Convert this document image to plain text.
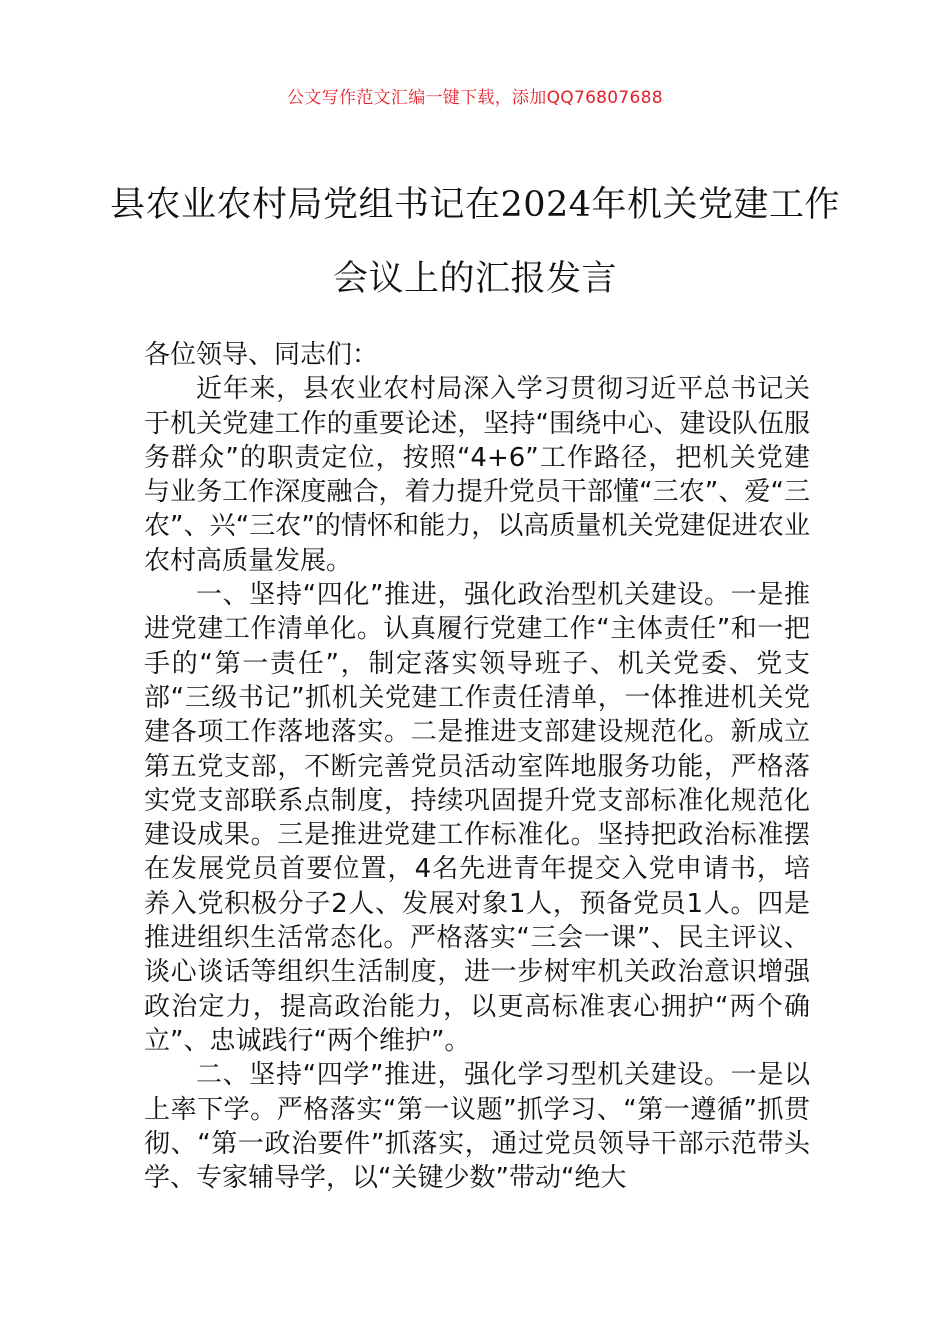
公文写作范文汇编一键下载，添加QQ76807688
县农业农村局党组书记在2024年机关党建工作会议上的汇报发言

各位领导、同志们：

近年来，县农业农村局深入学习贯彻习近平总书记关于机关党建工作的重要论述，坚持“围绕中心、建设队伍服务群众”的职责定位，按照“4+6”工作路径，把机关党建与业务工作深度融合，着力提升党员干部懂“三农”、爱“三农”、兴“三农”的情怀和能力，以高质量机关党建促进农业农村高质量发展。

一、坚持“四化”推进，强化政治型机关建设。一是推进党建工作清单化。认真履行党建工作“主体责任”和一把手的“第一责任”，制定落实领导班子、机关党委、党支部“三级书记”抓机关党建工作责任清单，一体推进机关党建各项工作落地落实。二是推进支部建设规范化。新成立第五党支部，不断完善党员活动室阵地服务功能，严格落实党支部联系点制度，持续巩固提升党支部标准化规范化建设成果。三是推进党建工作标准化。坚持把政治标准摆在发展党员首要位置，4名先进青年提交入党申请书，培养入党积极分子2人、发展对象1人，预备党员1人。四是推进组织生活常态化。严格落实“三会一课”、民主评议、谈心谈话等组织生活制度，进一步树牢机关政治意识增强政治定力，提高政治能力，以更高标准衷心拥护“两个确立”、忠诚践行“两个维护”。

二、坚持“四学”推进，强化学习型机关建设。一是以上率下学。严格落实“第一议题”抓学习、“第一遵循”抓贯彻、“第一政治要件”抓落实，通过党员领导干部示范带头学、专家辅导学，以“关键少数”带动“绝大
